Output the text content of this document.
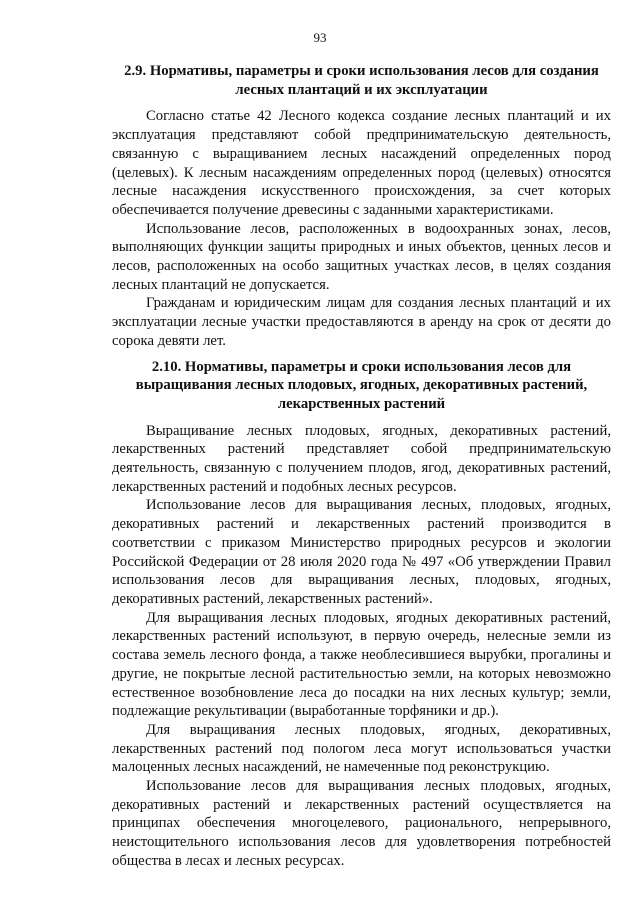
93
2.9. Нормативы, параметры и сроки использования лесов для создания лесных плантаций и их эксплуатации

Согласно статье 42 Лесного кодекса создание лесных плантаций и их эксплуатация представляют собой предпринимательскую деятельность, связанную с выращиванием лесных насаждений определенных пород (целевых). К лесным насаждениям определенных пород (целевых) относятся лесные насаждения искусственного происхождения, за счет которых обеспечивается получение древесины с заданными характеристиками.

Использование лесов, расположенных в водоохранных зонах, лесов, выполняющих функции защиты природных и иных объектов, ценных лесов и лесов, расположенных на особо защитных участках лесов, в целях создания лесных плантаций не допускается.

Гражданам и юридическим лицам для создания лесных плантаций и их эксплуатации лесные участки предоставляются в аренду на срок от десяти до сорока девяти лет.

2.10. Нормативы, параметры и сроки использования лесов для выращивания лесных плодовых, ягодных, декоративных растений, лекарственных растений

Выращивание лесных плодовых, ягодных, декоративных растений, лекарственных растений представляет собой предпринимательскую деятельность, связанную с получением плодов, ягод, декоративных растений, лекарственных растений и подобных лесных ресурсов.

Использование лесов для выращивания лесных, плодовых, ягодных, декоративных растений и лекарственных растений производится в соответствии с приказом Министерство природных ресурсов и экологии Российской Федерации от 28 июля 2020 года № 497 «Об утверждении Правил использования лесов для выращивания лесных, плодовых, ягодных, декоративных растений, лекарственных растений».

Для выращивания лесных плодовых, ягодных декоративных растений, лекарственных растений используют, в первую очередь, нелесные земли из состава земель лесного фонда, а также необлесившиеся вырубки, прогалины и другие, не покрытые лесной растительностью земли, на которых невозможно естественное возобновление леса до посадки на них лесных культур; земли, подлежащие рекультивации (выработанные торфяники и др.).

Для выращивания лесных плодовых, ягодных, декоративных, лекарственных растений под пологом леса могут использоваться участки малоценных лесных насаждений, не намеченные под реконструкцию.

Использование лесов для выращивания лесных плодовых, ягодных, декоративных растений и лекарственных растений осуществляется на принципах обеспечения многоцелевого, рационального, непрерывного, неистощительного использования лесов для удовлетворения потребностей общества в лесах и лесных ресурсах.
